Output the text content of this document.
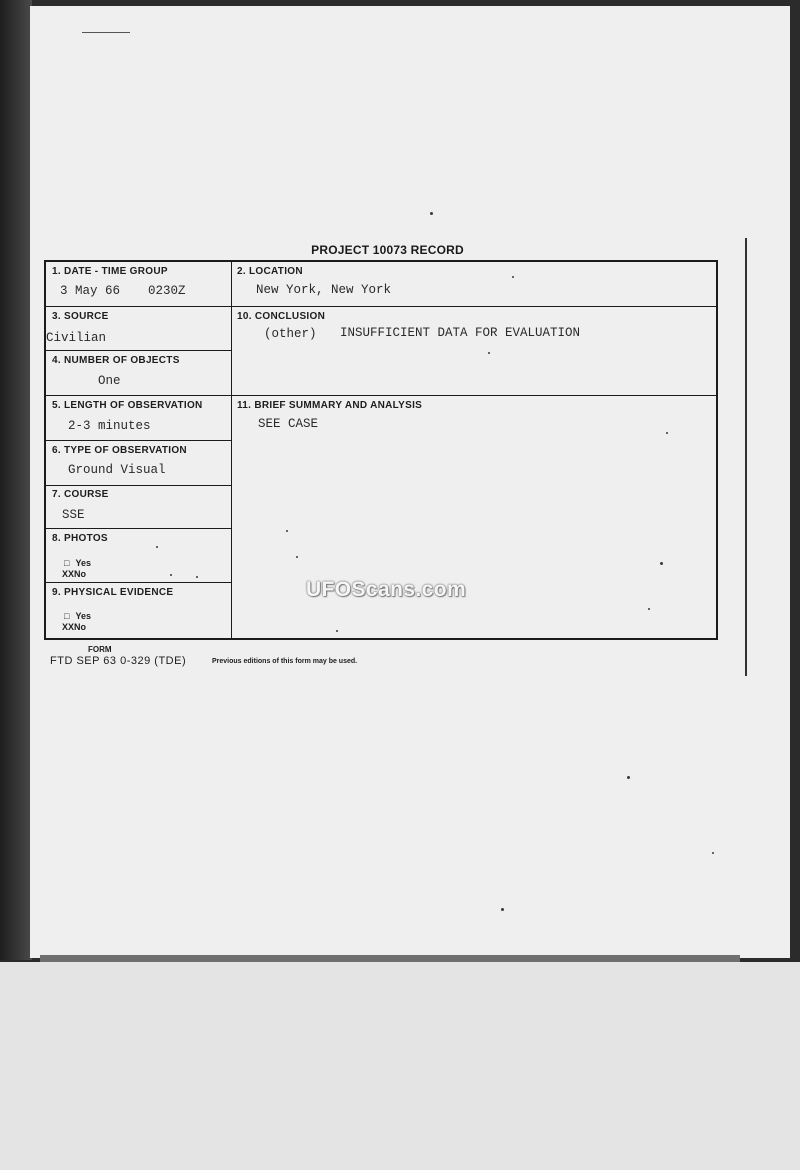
PROJECT 10073 RECORD
1. DATE - TIME GROUP
3 May 66 0230Z
2. LOCATION
New York, New York
3. SOURCE
Civilian
10. CONCLUSION
(other) INSUFFICIENT DATA FOR EVALUATION
4. NUMBER OF OBJECTS
One
5. LENGTH OF OBSERVATION
2-3 minutes
11. BRIEF SUMMARY AND ANALYSIS
SEE CASE
6. TYPE OF OBSERVATION
Ground Visual
7. COURSE
SSE
8. PHOTOS
□ Yes
XXNo
9. PHYSICAL EVIDENCE
□ Yes
XXNo
UFOScans.com
FORM
FTD SEP 63 0-329 (TDE)	Previous editions of this form may be used.
